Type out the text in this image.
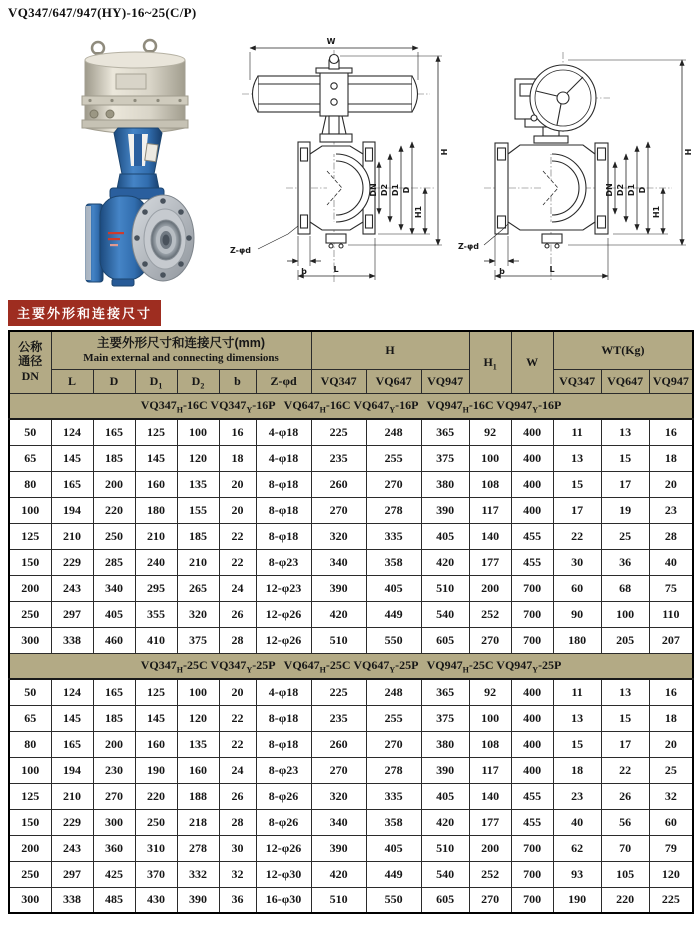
VQ347/647/947(HY)-16~25(C/P)
W
H
H1
DN D2 D1 D
Z-φd
b	L
H
H1
DN D2 D1 D
Z-φd
b	L
主要外形和连接尺寸
公称
通径
DN

主要外形尺寸和连接尺寸(mm)
Main external and connecting dimensions
	H	$H_1$	W	WT(Kg)
	L	D	$D_1$	$D_2$	b	Z-φd	VQ347	VQ647	VQ947			VQ347	VQ647	VQ947
$VQ347_H-16C$ $VQ347_Y-16P$   $VQ647_H-16C$ $VQ647_Y-16P$   $VQ947_H-16C$ $VQ947_Y-16P$														
50	124	165	125	100	16	4-φ18	225	248	365	92	400	11	13	16
65	145	185	145	120	18	4-φ18	235	255	375	100	400	13	15	18
80	165	200	160	135	20	8-φ18	260	270	380	108	400	15	17	20
100	194	220	180	155	20	8-φ18	270	278	390	117	400	17	19	23
125	210	250	210	185	22	8-φ18	320	335	405	140	455	22	25	28
150	229	285	240	210	22	8-φ23	340	358	420	177	455	30	36	40
200	243	340	295	265	24	12-φ23	390	405	510	200	700	60	68	75
250	297	405	355	320	26	12-φ26	420	449	540	252	700	90	100	110
300	338	460	410	375	28	12-φ26	510	550	605	270	700	180	205	207
$VQ347_H-25C$ $VQ347_Y-25P$   $VQ647_H-25C$ $VQ647_Y-25P$   $VQ947_H-25C$ $VQ947_Y-25P$														
50	124	165	125	100	20	4-φ18	225	248	365	92	400	11	13	16
65	145	185	145	120	22	8-φ18	235	255	375	100	400	13	15	18
80	165	200	160	135	22	8-φ18	260	270	380	108	400	15	17	20
100	194	230	190	160	24	8-φ23	270	278	390	117	400	18	22	25
125	210	270	220	188	26	8-φ26	320	335	405	140	455	23	26	32
150	229	300	250	218	28	8-φ26	340	358	420	177	455	40	56	60
200	243	360	310	278	30	12-φ26	390	405	510	200	700	62	70	79
250	297	425	370	332	32	12-φ30	420	449	540	252	700	93	105	120
300	338	485	430	390	36	16-φ30	510	550	605	270	700	190	220	225
